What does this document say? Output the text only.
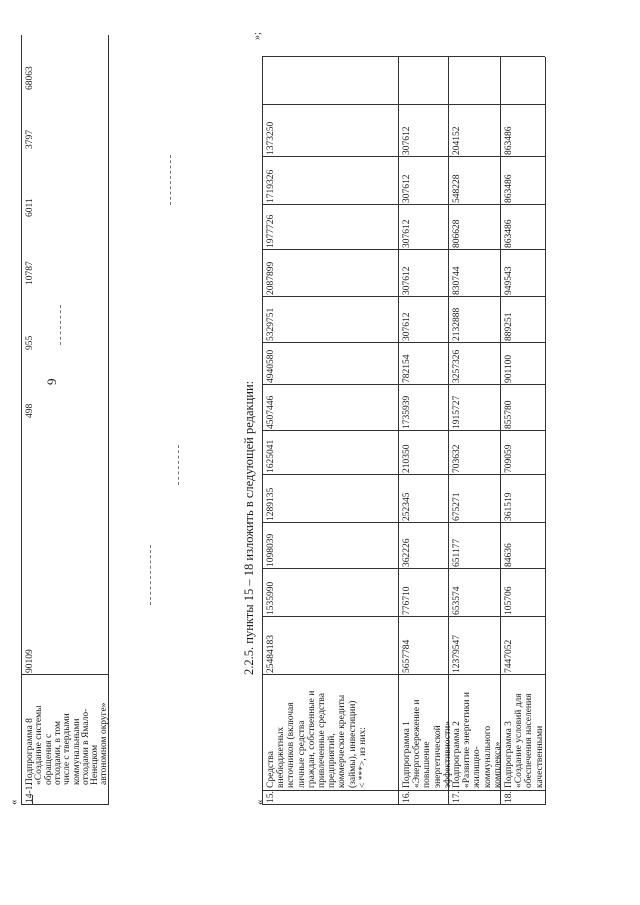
9
« 14-1.
90109	2.2.5. пункты 15 – 18 изложить в следующей редакции:
«
»;
Подпрограмма 8 «Создание системы обращения с отходами, в том числе с твердыми коммунальными отходами в Ямало- Ненецком автономном округе»
498
955
10787
6011
3797
68063
15.
Средства внебюджетных источников (включая личные средства граждан, собственные и привлеченные средства предприятий, коммерческие кредиты (займы), инвестиции) < ***>, из них:
25484183
1535990
1098039
1289135
1625041
4507446
4940580
5329751
2087899
1977726
1719326
1373250
16.
Подпрограмма 1 «Энергосбережение и повышение энергетической эффективности»
5657784
776710
362226
252345
210350
1735939
782154
307612
307612
307612
307612
307612
17.
Подпрограмма 2 «Развитие энергетики и жилищно- коммунального комплекса»
12379547
653574
651177
675271
703632
1915727
3257326
2132888
830744
806628
548228
204152
18.
Подпрограмма 3 «Создание условий для обеспечения населения качественными
7447052
105706
84636
361519
709059
855780
901100
889251
949543
863486
863486
863486
